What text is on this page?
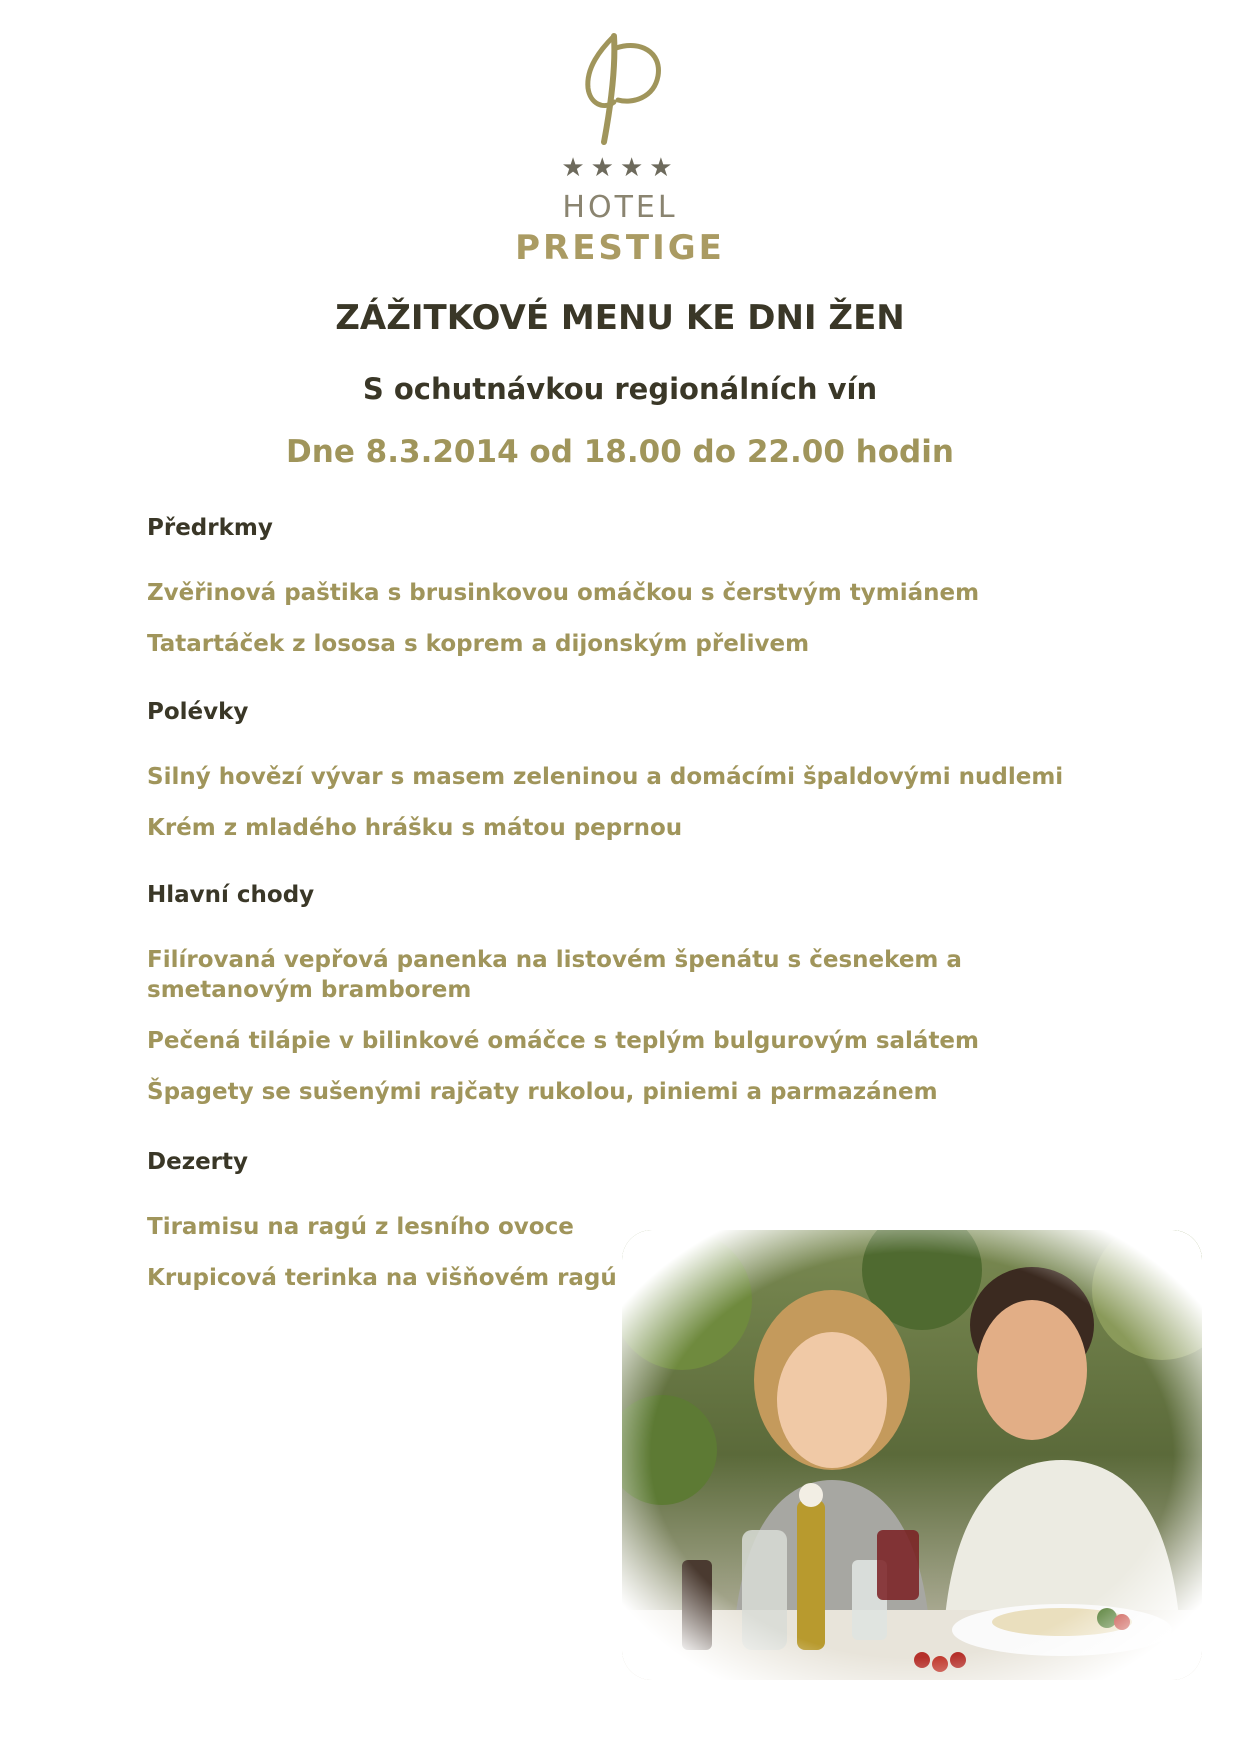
★★★★
HOTEL
PRESTIGE
ZÁŽITKOVÉ MENU KE DNI ŽEN
S ochutnávkou regionálních vín
Dne 8.3.2014 od 18.00 do 22.00 hodin
Předrkmy
Zvěřinová paštika s brusinkovou omáčkou s čerstvým tymiánem
Tatartáček z lososa s koprem a dijonským přelivem
Polévky
Silný hovězí vývar s masem zeleninou a domácími špaldovými nudlemi
Krém z mladého hrášku s mátou peprnou
Hlavní chody
Filírovaná vepřová panenka na listovém špenátu s česnekem a smetanovým bramborem
Pečená tilápie v bilinkové omáčce s teplým bulgurovým salátem
Špagety se sušenými rajčaty rukolou, piniemi a parmazánem
Dezerty
Tiramisu na ragú z lesního ovoce
Krupicová terinka na višňovém ragú
